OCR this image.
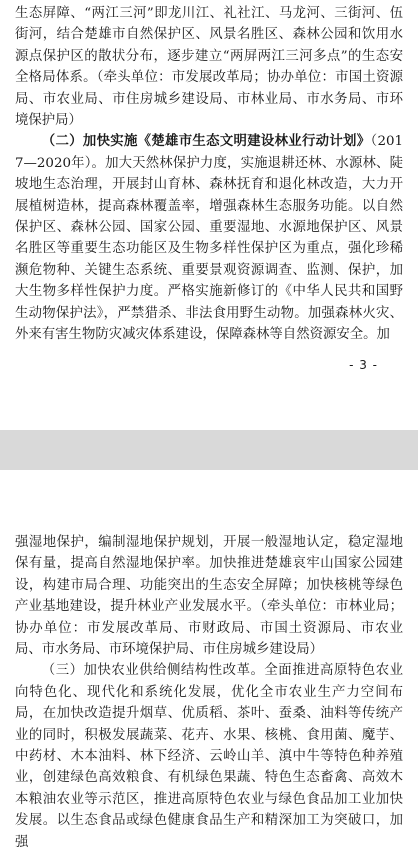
生态屏障、“两江三河”即龙川江、礼社江、马龙河、三街河、伍街河，结合楚雄市自然保护区、风景名胜区、森林公园和饮用水源点保护区的散状分布，逐步建立“两屏两江三河多点”的生态安全格局体系。（牵头单位：市发展改革局；协办单位：市国土资源局、市农业局、市住房城乡建设局、市林业局、市水务局、市环境保护局）

（二）加快实施《楚雄市生态文明建设林业行动计划》（2017—2020年）。加大天然林保护力度，实施退耕还林、水源林、陡坡地生态治理，开展封山育林、森林抚育和退化林改造，大力开展植树造林，提高森林覆盖率，增强森林生态服务功能。以自然保护区、森林公园、国家公园、重要湿地、水源地保护区、风景名胜区等重要生态功能区及生物多样性保护区为重点，强化珍稀濒危物种、关键生态系统、重要景观资源调查、监测、保护，加大生物多样性保护力度。严格实施新修订的《中华人民共和国野生动物保护法》，严禁猎杀、非法食用野生动物。加强森林火灾、外来有害生物防灾减灾体系建设，保障森林等自然资源安全。加

- 3 -

强湿地保护，编制湿地保护规划，开展一般湿地认定，稳定湿地保有量，提高自然湿地保护率。加快推进楚雄哀牢山国家公园建设，构建市局合理、功能突出的生态安全屏障；加快核桃等绿色产业基地建设，提升林业产业发展水平。（牵头单位：市林业局；协办单位：市发展改革局、市财政局、市国土资源局、市农业局、市水务局、市环境保护局、市住房城乡建设局）

（三）加快农业供给侧结构性改革。全面推进高原特色农业向特色化、现代化和系统化发展，优化全市农业生产力空间布局，在加快改造提升烟草、优质稻、茶叶、蚕桑、油料等传统产业的同时，积极发展蔬菜、花卉、水果、核桃、食用菌、魔芋、中药材、木本油料、林下经济、云岭山羊、滇中牛等特色种养殖业，创建绿色高效粮食、有机绿色果蔬、特色生态畜禽、高效木本粮油农业等示范区，推进高原特色农业与绿色食品加工业加快发展。以生态食品或绿色健康食品生产和精深加工为突破口，加强
